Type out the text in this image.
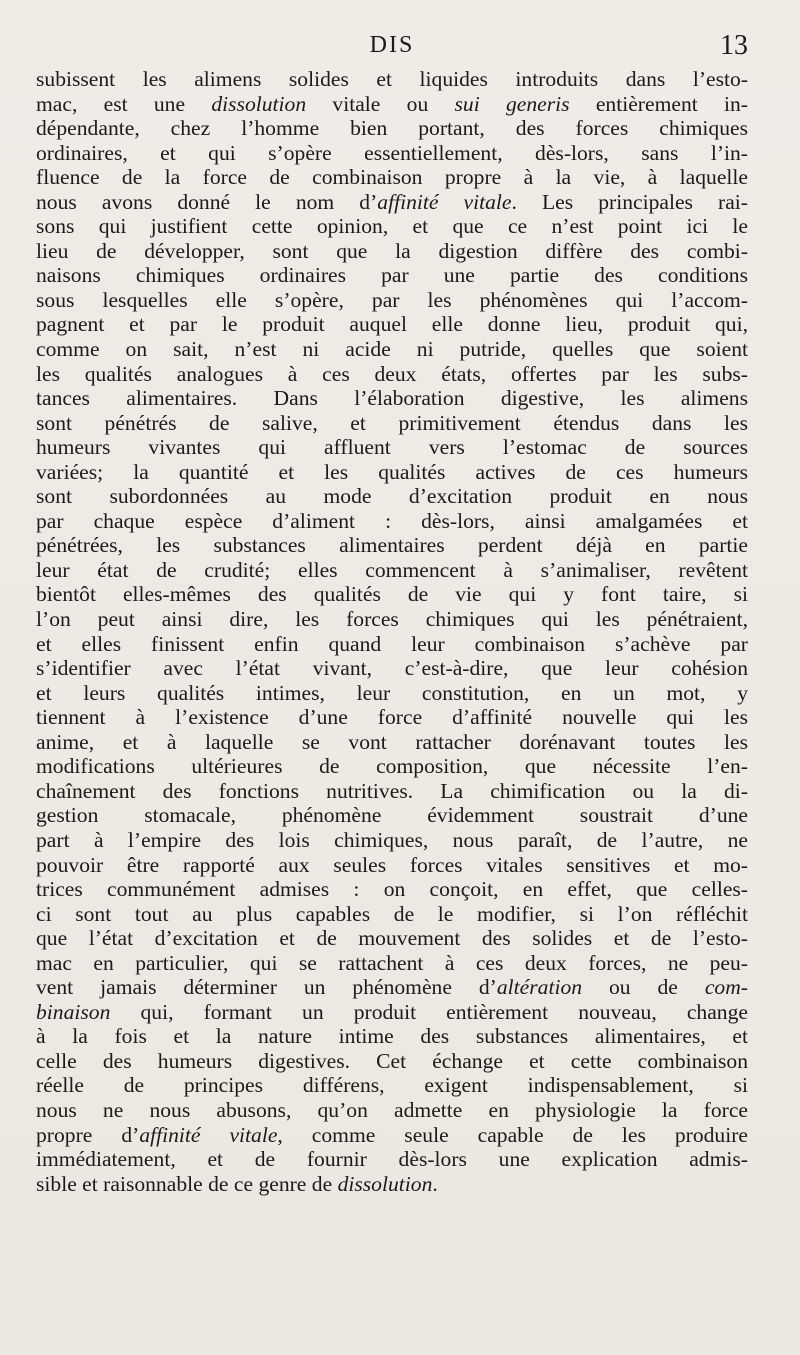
DIS	13
subissent les alimens solides et liquides introduits dans l’esto-
mac, est une dissolution vitale ou sui generis entièrement in-
dépendante, chez l’homme bien portant, des forces chimiques
ordinaires, et qui s’opère essentiellement, dès-lors, sans l’in-
fluence de la force de combinaison propre à la vie, à laquelle
nous avons donné le nom d’affinité vitale. Les principales rai-
sons qui justifient cette opinion, et que ce n’est point ici le
lieu de développer, sont que la digestion diffère des combi-
naisons chimiques ordinaires par une partie des conditions
sous lesquelles elle s’opère, par les phénomènes qui l’accom-
pagnent et par le produit auquel elle donne lieu, produit qui,
comme on sait, n’est ni acide ni putride, quelles que soient
les qualités analogues à ces deux états, offertes par les subs-
tances alimentaires. Dans l’élaboration digestive, les alimens
sont pénétrés de salive, et primitivement étendus dans les
humeurs vivantes qui affluent vers l’estomac de sources
variées; la quantité et les qualités actives de ces humeurs
sont subordonnées au mode d’excitation produit en nous
par chaque espèce d’aliment : dès-lors, ainsi amalgamées et
pénétrées, les substances alimentaires perdent déjà en partie
leur état de crudité; elles commencent à s’animaliser, revêtent
bientôt elles-mêmes des qualités de vie qui y font taire, si
l’on peut ainsi dire, les forces chimiques qui les pénétraient,
et elles finissent enfin quand leur combinaison s’achève par
s’identifier avec l’état vivant, c’est-à-dire, que leur cohésion
et leurs qualités intimes, leur constitution, en un mot, y
tiennent à l’existence d’une force d’affinité nouvelle qui les
anime, et à laquelle se vont rattacher dorénavant toutes les
modifications ultérieures de composition, que nécessite l’en-
chaînement des fonctions nutritives. La chimification ou la di-
gestion stomacale, phénomène évidemment soustrait d’une
part à l’empire des lois chimiques, nous paraît, de l’autre, ne
pouvoir être rapporté aux seules forces vitales sensitives et mo-
trices communément admises : on conçoit, en effet, que celles-
ci sont tout au plus capables de le modifier, si l’on réfléchit
que l’état d’excitation et de mouvement des solides et de l’esto-
mac en particulier, qui se rattachent à ces deux forces, ne peu-
vent jamais déterminer un phénomène d’altération ou de com-
binaison qui, formant un produit entièrement nouveau, change
à la fois et la nature intime des substances alimentaires, et
celle des humeurs digestives. Cet échange et cette combinaison
réelle de principes différens, exigent indispensablement, si
nous ne nous abusons, qu’on admette en physiologie la force
propre d’affinité vitale, comme seule capable de les produire
immédiatement, et de fournir dès-lors une explication admis-
sible et raisonnable de ce genre de dissolution.
